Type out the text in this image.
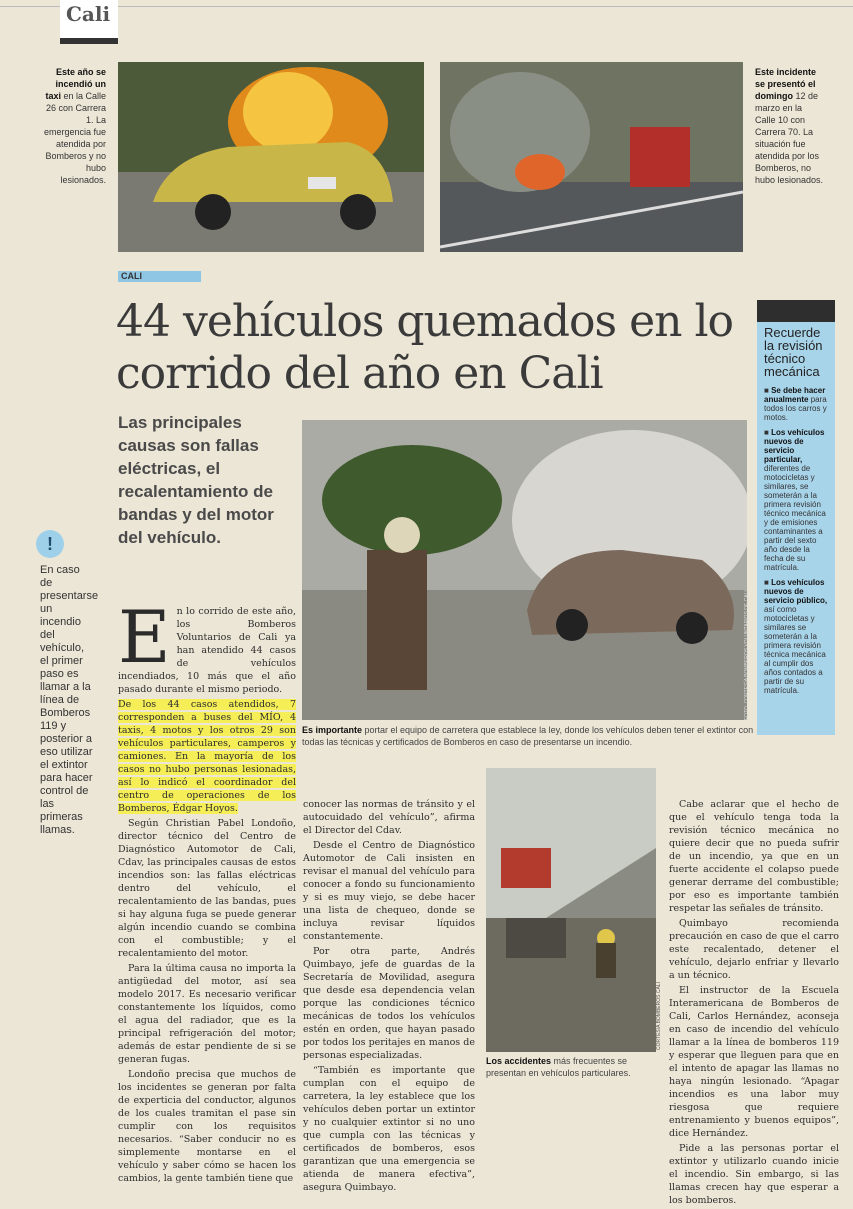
Cali
Este año se incendió un taxi en la Calle 26 con Carrera 1. La emergencia fue atendida por Bomberos y no hubo lesionados.
Este incidente se presentó el domingo 12 de marzo en la Calle 10 con Carrera 70. La situación fue atendida por los Bomberos, no hubo lesionados.
CALI
44 vehículos quemados en lo corrido del año en Cali
Las principales causas son fallas eléctricas, el recalentamiento de bandas y del motor del vehículo.
Recuerde la revisión técnico mecánica

■ Se debe hacer anualmente para todos los carros y motos.

■ Los vehículos nuevos de servicio particular, diferentes de motocicletas y similares, se someterán a la primera revisión técnico mecánica y de emisiones contaminantes a partir del sexto año desde la fecha de su matrícula.

■ Los vehículos nuevos de servicio público, así como motocicletas y similares se someterán a la primera revisión técnica mecánica al cumplir dos años contados a partir de su matrícula.

!

En caso de presentarse un incendio del vehículo, el primer paso es llamar a la línea de Bomberos 119 y posterior a eso utilizar el extintor para hacer control de las primeras llamas.

FOTO: CORTESÍA BOMBEROS VOLUNTARIOS DE CALI
Es importante portar el equipo de carretera que establece la ley, donde los vehículos deben tener el extintor con todas las técnicas y certificados de Bomberos en caso de presentarse un incendio.
E n lo corrido de este año, los Bomberos Voluntarios de Cali ya han atendido 44 casos de vehículos incendiados, 10 más que el año pasado durante el mismo periodo.

De los 44 casos atendidos, 7 corresponden a buses del MÍO, 4 taxis, 4 motos y los otros 29 son vehículos particulares, camperos y camiones. En la mayoría de los casos no hubo personas lesionadas, así lo indicó el coordinador del centro de operaciones de los Bomberos, Édgar Hoyos.

Según Christian Pabel Londoño, director técnico del Centro de Diagnóstico Automotor de Cali, Cdav, las principales causas de estos incendios son: las fallas eléctricas dentro del vehículo, el recalentamiento de las bandas, pues si hay alguna fuga se puede generar algún incendio cuando se combina con el combustible; y el recalentamiento del motor.

Para la última causa no importa la antigüedad del motor, así sea modelo 2017. Es necesario verificar constantemente los líquidos, como el agua del radiador, que es la principal refrigeración del motor; además de estar pendiente de si se generan fugas.

Londoño precisa que muchos de los incidentes se generan por falta de experticia del conductor, algunos de los cuales tramitan el pase sin cumplir con los requisitos necesarios. “Saber conducir no es simplemente montarse en el vehículo y saber cómo se hacen los cambios, la gente también tiene que

conocer las normas de tránsito y el autocuidado del vehículo”, afirma el Director del Cdav.

Desde el Centro de Diagnóstico Automotor de Cali insisten en revisar el manual del vehículo para conocer a fondo su funcionamiento y si es muy viejo, se debe hacer una lista de chequeo, donde se incluya revisar líquidos constantemente.

Por otra parte, Andrés Quimbayo, jefe de guardas de la Secretaría de Movilidad, asegura que desde esa dependencia velan porque las condiciones técnico mecánicas de todos los vehículos estén en orden, que hayan pasado por todos los peritajes en manos de personas especializadas.

“También es importante que cumplan con el equipo de carretera, la ley establece que los vehículos deben portar un extintor y no cualquier extintor si no uno que cumpla con las técnicas y certificados de bomberos, esos garantizan que una emergencia se atienda de manera efectiva”, asegura Quimbayo.

CORTESÍA BOMBEROS CALI
Los accidentes más frecuentes se presentan en vehículos particulares.

Cabe aclarar que el hecho de que el vehículo tenga toda la revisión técnico mecánica no quiere decir que no pueda sufrir de un incendio, ya que en un fuerte accidente el colapso puede generar derrame del combustible; por eso es importante también respetar las señales de tránsito.

Quimbayo recomienda precaución en caso de que el carro este recalentado, detener el vehículo, dejarlo enfriar y llevarlo a un técnico.

El instructor de la Escuela Interamericana de Bomberos de Cali, Carlos Hernández, aconseja en caso de incendio del vehículo llamar a la línea de bomberos 119 y esperar que lleguen para que en el intento de apagar las llamas no haya ningún lesionado. “Apagar incendios es una labor muy riesgosa que requiere entrenamiento y buenos equipos”, dice Hernández.

Pide a las personas portar el extintor y utilizarlo cuando inicie el incendio. Sin embargo, si las llamas crecen hay que esperar a los bomberos.
